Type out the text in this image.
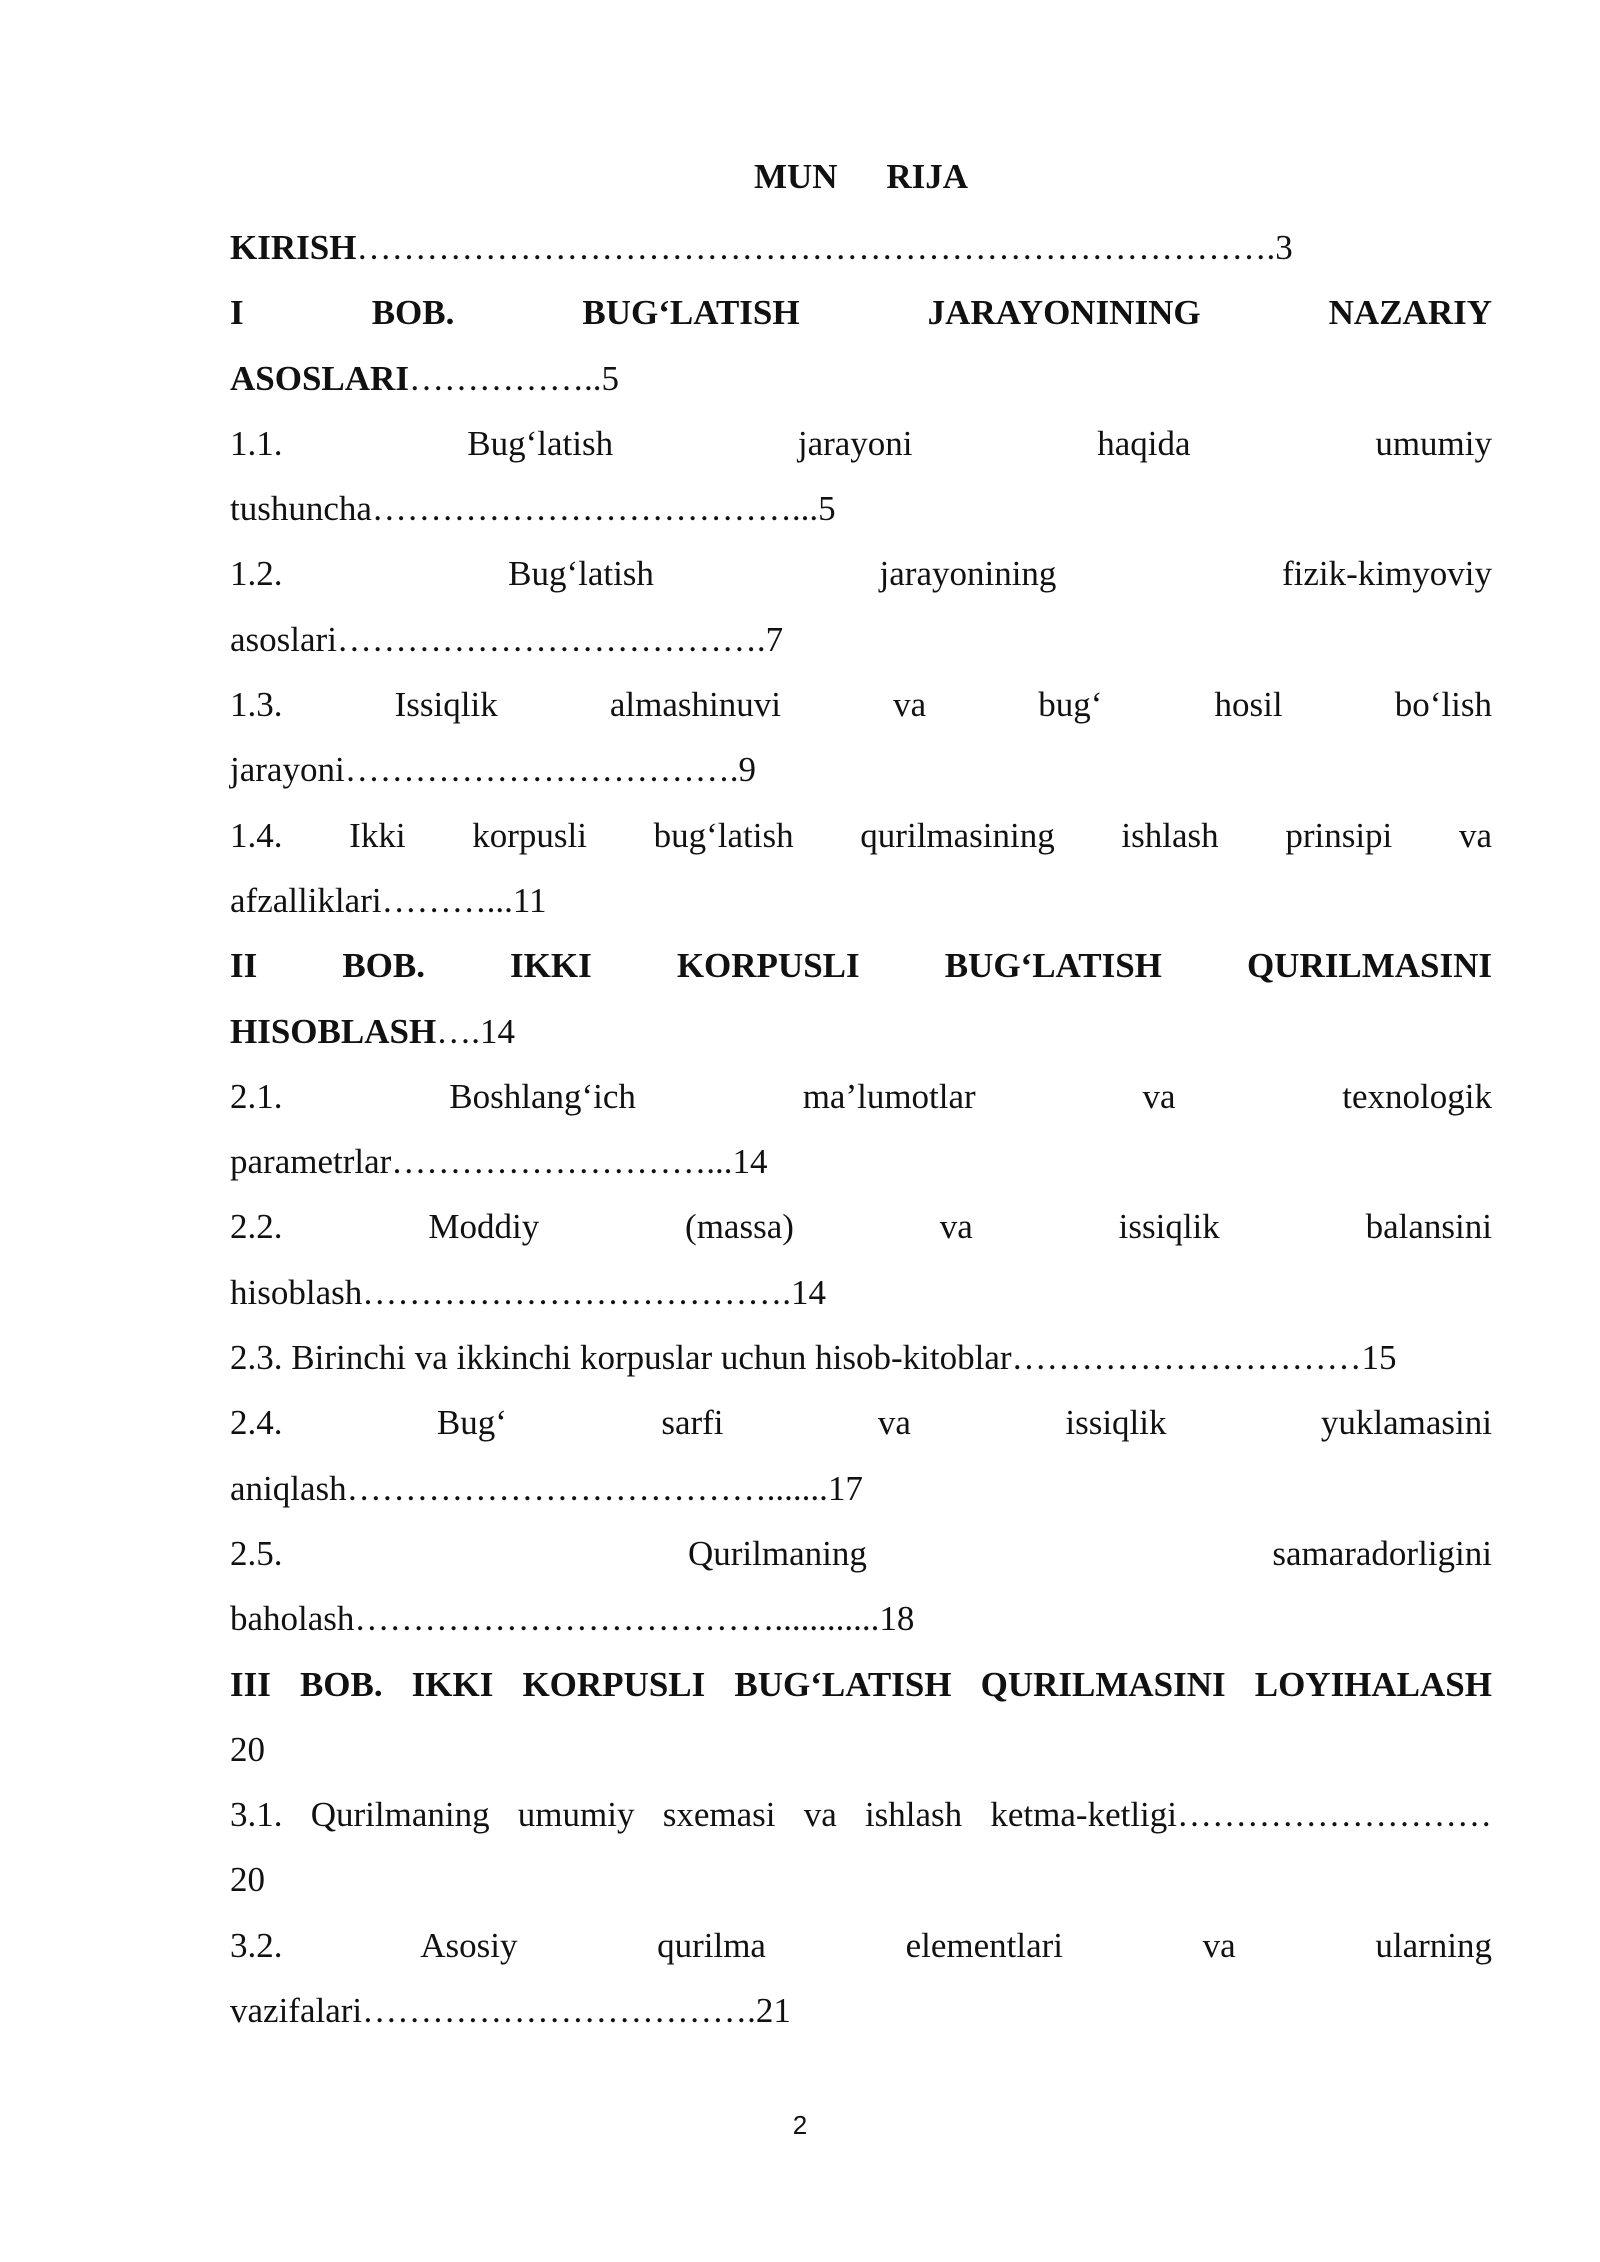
MUN RIJA
KIRISH…………………………………………………………………….3
I BOB. BUG‘LATISH JARAYONINING NAZARIY
ASOSLARI……………..5
1.1. Bug‘latish jarayoni haqida umumiy
tushuncha………………………………...5
1.2. Bug‘latish jarayonining fizik-kimyoviy
asoslari……………………………….7
1.3. Issiqlik almashinuvi va bug‘ hosil bo‘lish
jarayoni…………………………….9
1.4. Ikki korpusli bug‘latish qurilmasining ishlash prinsipi va
afzalliklari………...11
II BOB. IKKI KORPUSLI BUG‘LATISH QURILMASINI
HISOBLASH….14
2.1. Boshlang‘ich ma’lumotlar va texnologik
parametrlar………………………...14
2.2. Moddiy (massa) va issiqlik balansini
hisoblash……………………………….14
2.3. Birinchi va ikkinchi korpuslar uchun hisob-kitoblar…………………………15
2.4. Bug‘ sarfi va issiqlik yuklamasini
aniqlash……………………………….......17
2.5. Qurilmaning samaradorligini
baholash………………………………............18
III BOB. IKKI KORPUSLI BUG‘LATISH QURILMASINI LOYIHALASH
20
3.1. Qurilmaning umumiy sxemasi va ishlash ketma-ketligi………………………
20
3.2. Asosiy qurilma elementlari va ularning
vazifalari…………………………….21
2
